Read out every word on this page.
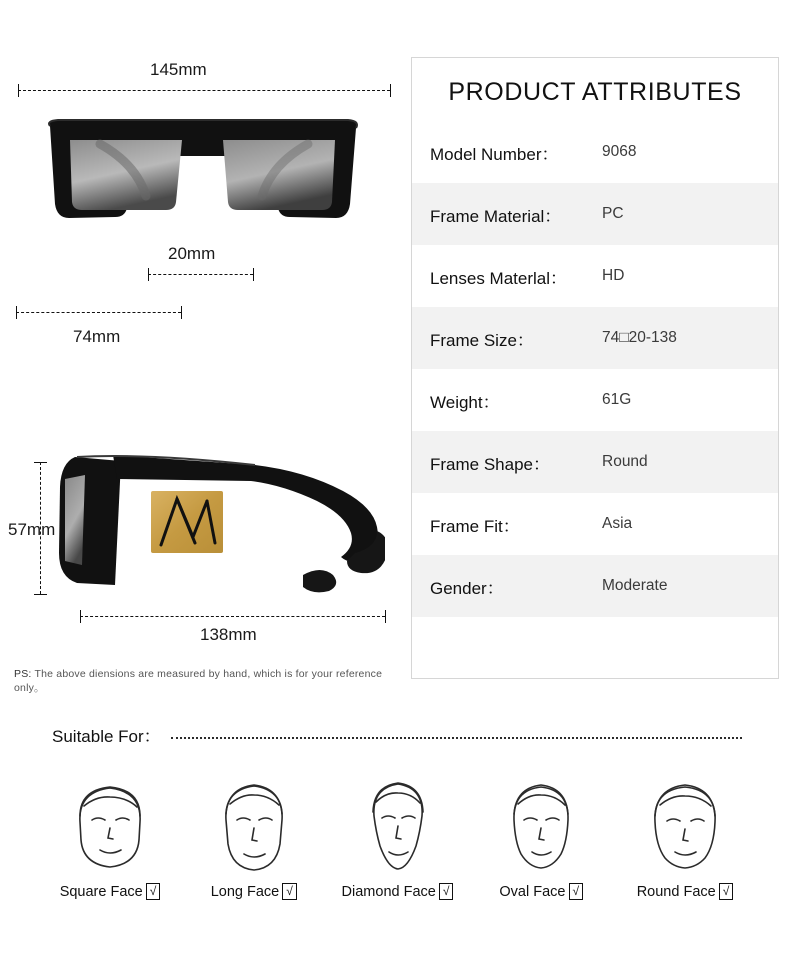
145mm
20mm
74mm
57mm
138mm
PS: The above diensions are measured by hand, which is for your reference only。
PRODUCT ATTRIBUTES
Model Number：	9068
Frame Material：	PC
Lenses Materlal：	HD
Frame Size：	74□20-138
Weight：	61G
Frame Shape：	Round
Frame Fit：	Asia
Gender：	Moderate
Suitable For：
Square Face √	Long Face √	Diamond Face √	Oval Face √	Round Face √
